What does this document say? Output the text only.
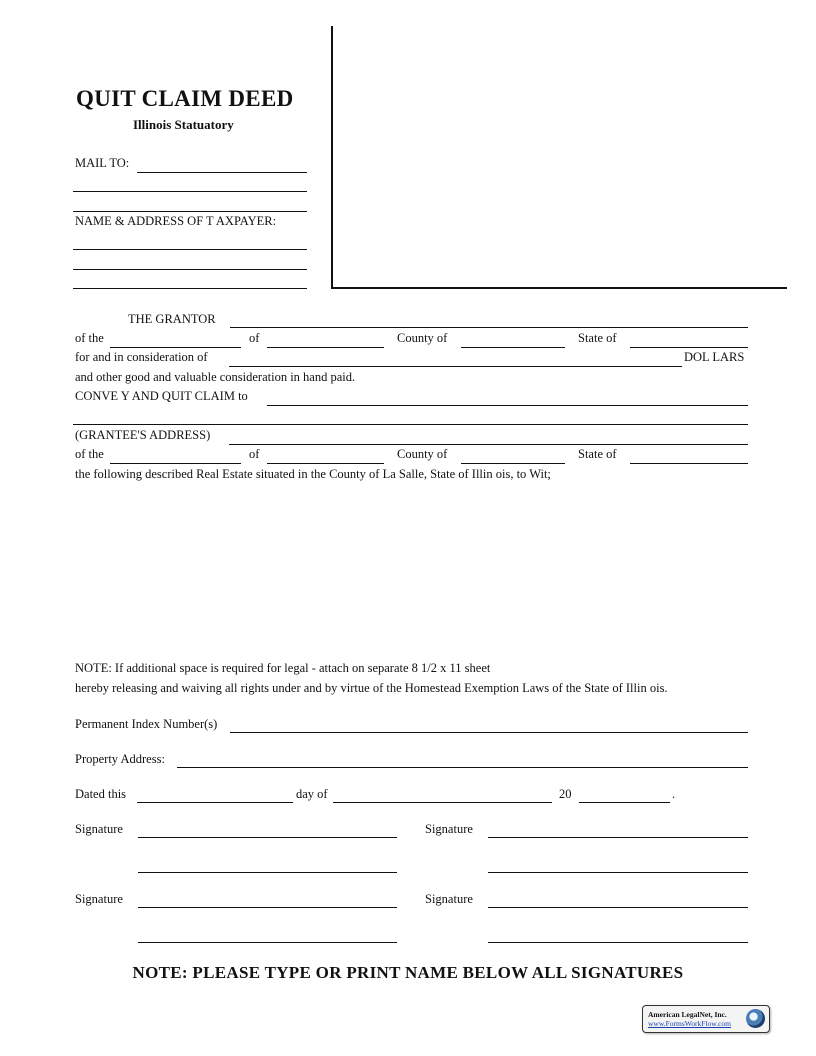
QUIT CLAIM DEED
Illinois Statuatory
MAIL TO:
NAME & ADDRESS OF T AXPAYER:
THE GRANTOR
of the	of	County of	State of
for and in consideration of	DOL LARS
and other good and valuable consideration in hand paid.
CONVE Y AND QUIT CLAIM to
(GRANTEE'S ADDRESS)
of the	of	County of	State of
the following described Real Estate situated in the County of La Salle, State of Illin ois, to Wit;
NOTE: If additional space is required for legal - attach on separate 8 1/2 x 11 sheet
hereby releasing and waiving all rights under and by virtue of the Homestead Exemption Laws of the State of Illin ois.
Permanent Index Number(s)
Property Address:
Dated this	day of	20	.
Signature	Signature
Signature	Signature
NOTE: PLEASE TYPE OR PRINT NAME BELOW ALL SIGNATURES
American LegalNet, Inc.
www.FormsWorkFlow.com
